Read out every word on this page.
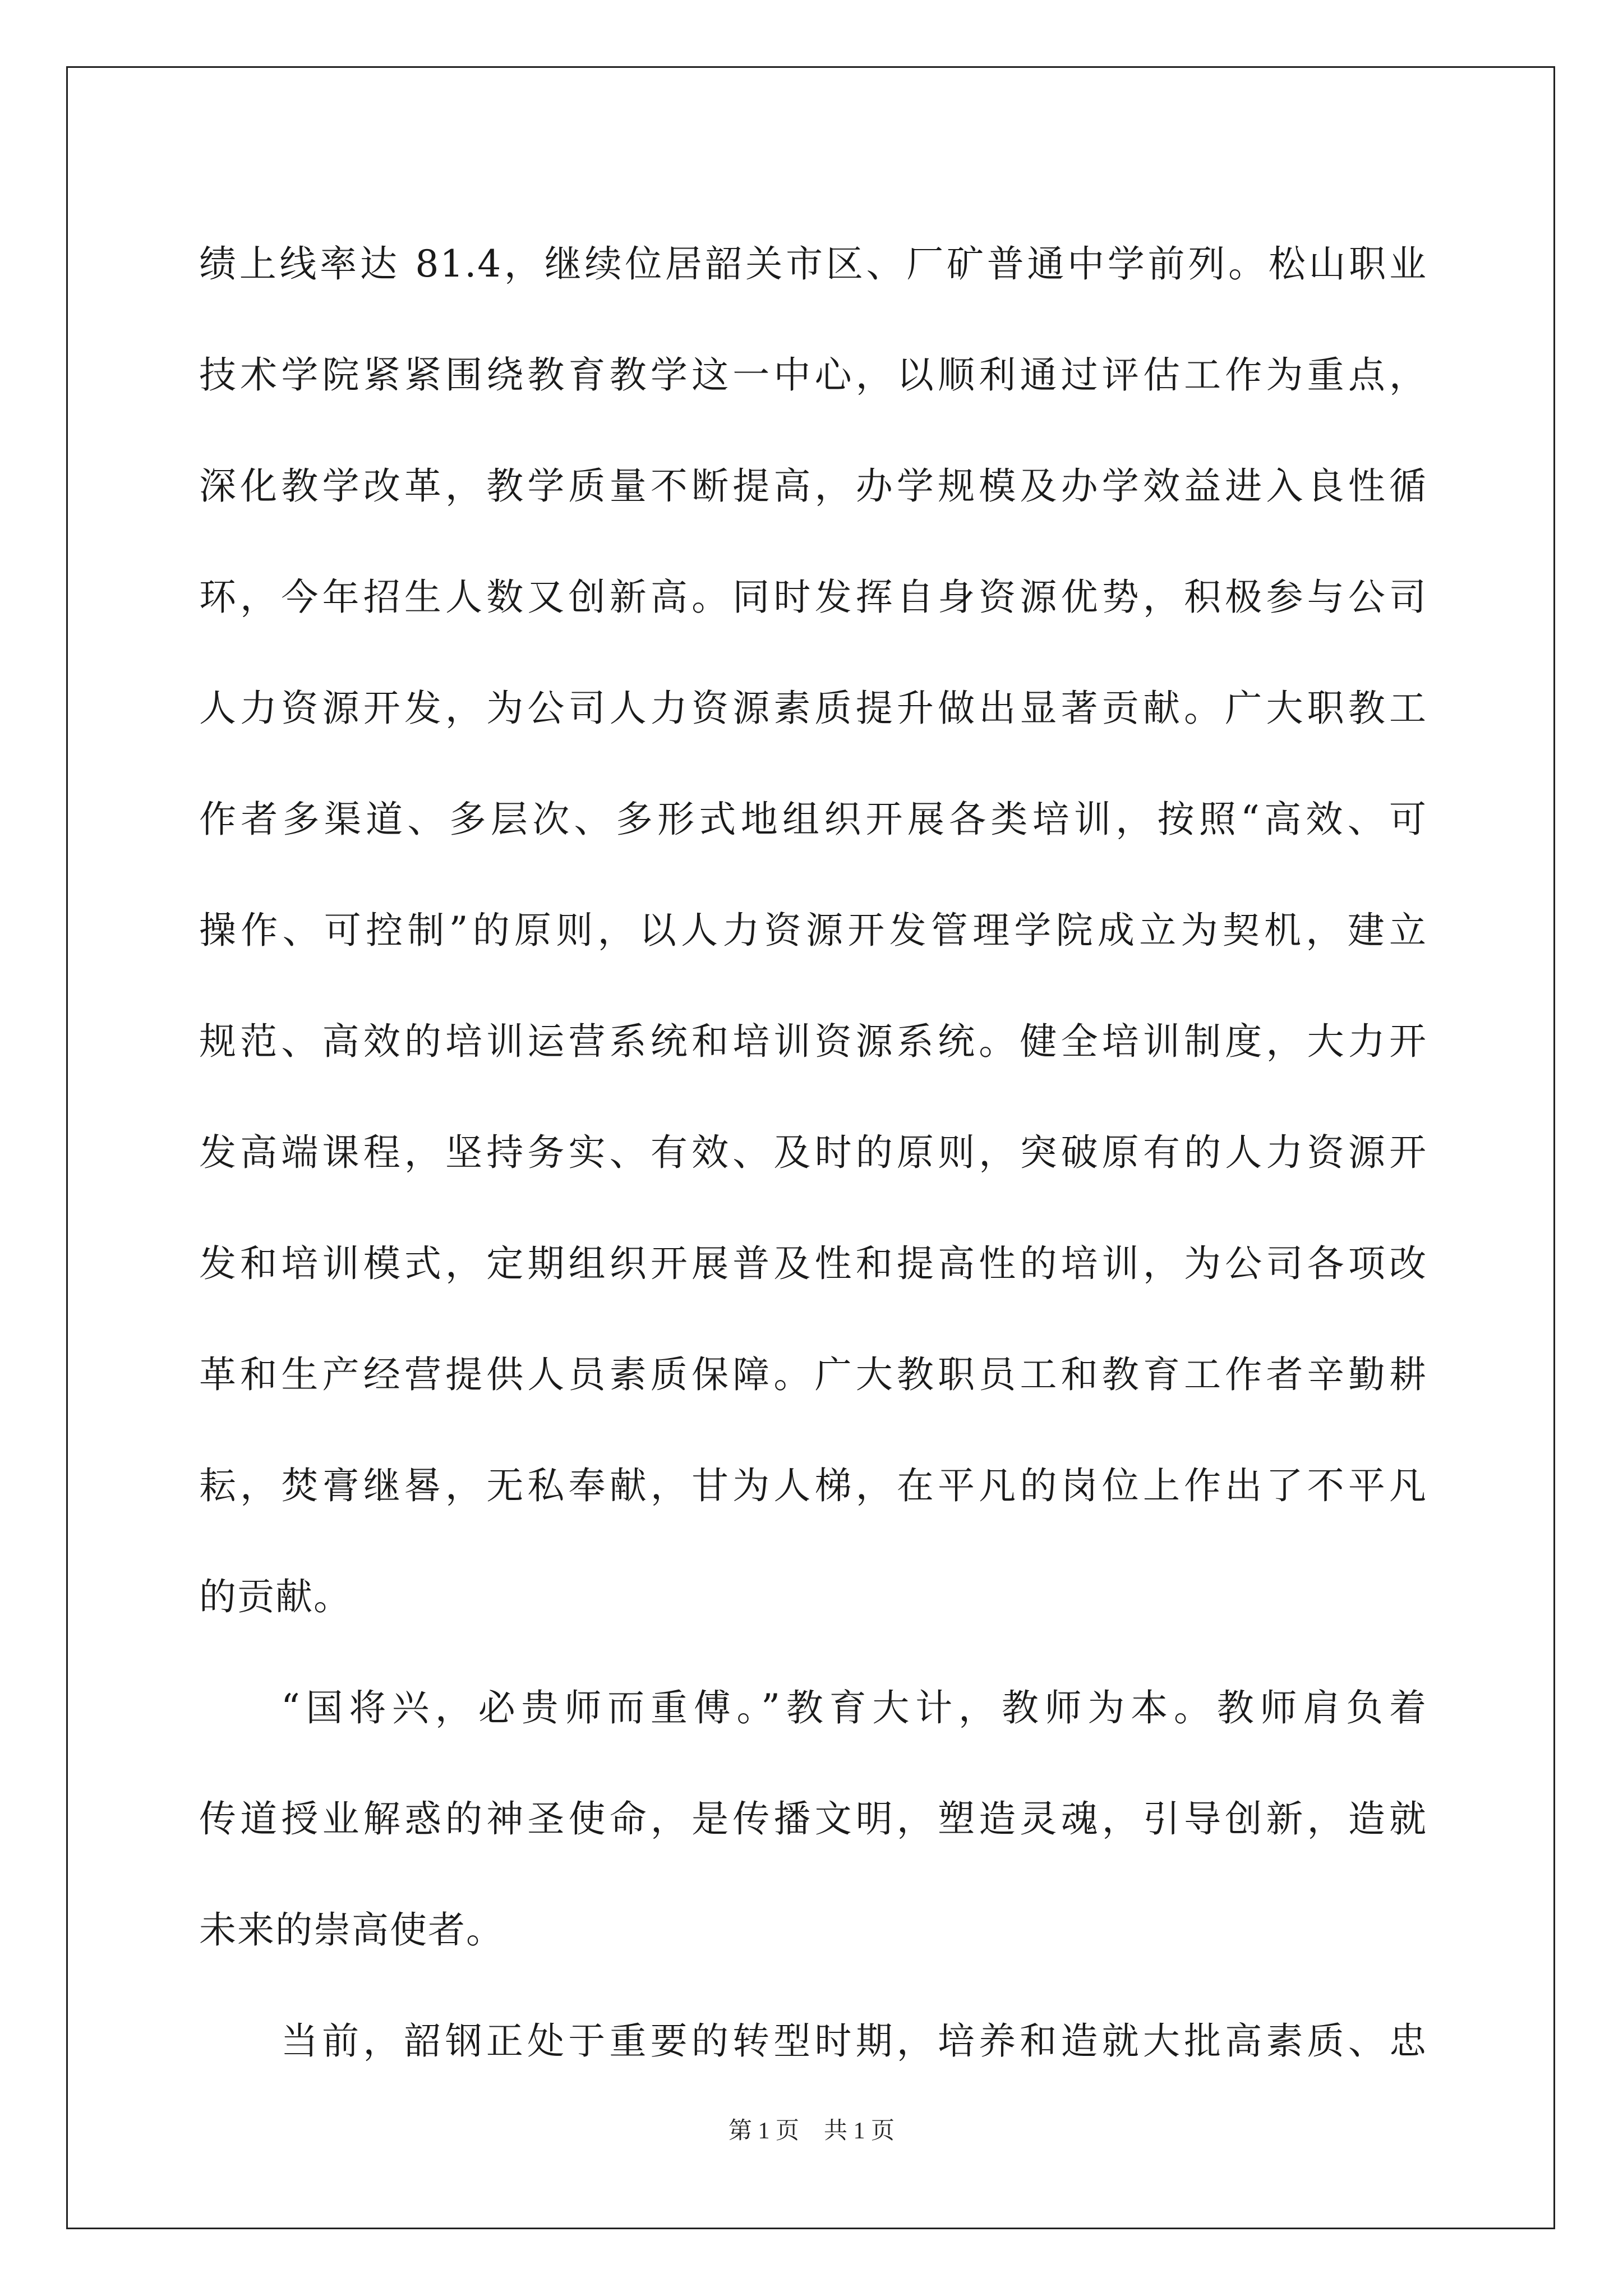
绩上线率达 81.4，继续位居韶关市区、厂矿普通中学前列。松山职业
技术学院紧紧围绕教育教学这一中心，以顺利通过评估工作为重点，
深化教学改革，教学质量不断提高，办学规模及办学效益进入良性循
环，今年招生人数又创新高。同时发挥自身资源优势，积极参与公司
人力资源开发，为公司人力资源素质提升做出显著贡献。广大职教工
作者多渠道、多层次、多形式地组织开展各类培训，按照“高效、可
操作、可控制”的原则，以人力资源开发管理学院成立为契机，建立
规范、高效的培训运营系统和培训资源系统。健全培训制度，大力开
发高端课程，坚持务实、有效、及时的原则，突破原有的人力资源开
发和培训模式，定期组织开展普及性和提高性的培训，为公司各项改
革和生产经营提供人员素质保障。广大教职员工和教育工作者辛勤耕
耘，焚膏继晷，无私奉献，甘为人梯，在平凡的岗位上作出了不平凡
的贡献。
“国将兴，必贵师而重傅。”教育大计，教师为本。教师肩负着
传道授业解惑的神圣使命，是传播文明，塑造灵魂，引导创新，造就
未来的崇高使者。
当前，韶钢正处于重要的转型时期，培养和造就大批高素质、忠
第 1 页 共 1 页
